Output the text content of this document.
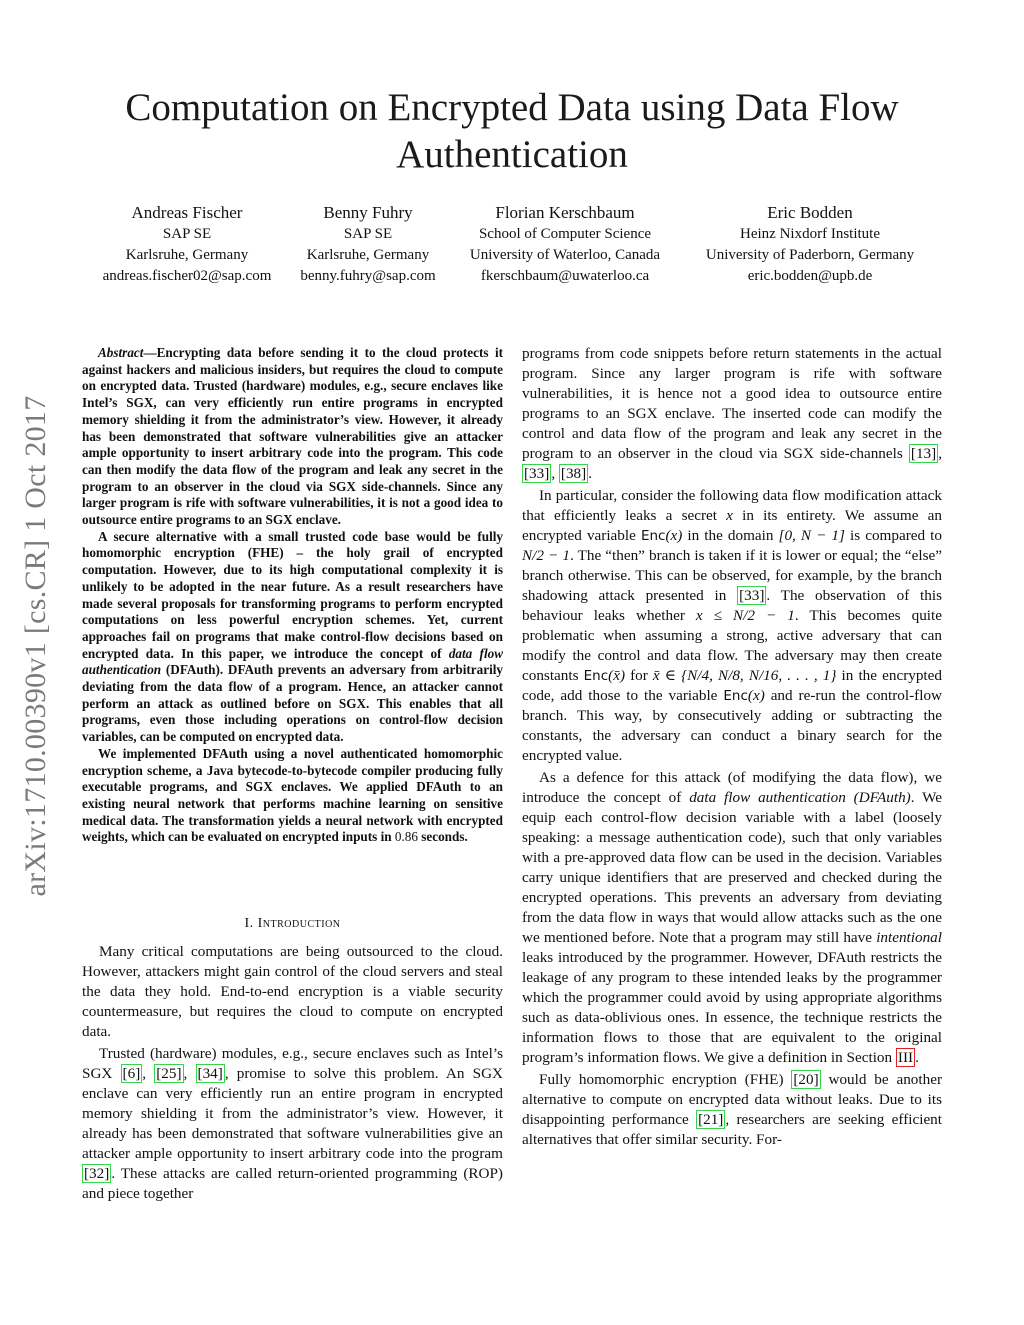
Computation on Encrypted Data using Data Flow Authentication
Andreas Fischer
SAP SE
Karlsruhe, Germany
andreas.fischer02@sap.com
Benny Fuhry
SAP SE
Karlsruhe, Germany
benny.fuhry@sap.com
Florian Kerschbaum
School of Computer Science
University of Waterloo, Canada
fkerschbaum@uwaterloo.ca
Eric Bodden
Heinz Nixdorf Institute
University of Paderborn, Germany
eric.bodden@upb.de
arXiv:1710.00390v1 [cs.CR] 1 Oct 2017

Abstract—Encrypting data before sending it to the cloud protects it against hackers and malicious insiders, but requires the cloud to compute on encrypted data. Trusted (hardware) modules, e.g., secure enclaves like Intel’s SGX, can very efficiently run entire programs in encrypted memory shielding it from the administrator’s view. However, it already has been demonstrated that software vulnerabilities give an attacker ample opportunity to insert arbitrary code into the program. This code can then modify the data flow of the program and leak any secret in the program to an observer in the cloud via SGX side-channels. Since any larger program is rife with software vulnerabilities, it is not a good idea to outsource entire programs to an SGX enclave.

A secure alternative with a small trusted code base would be fully homomorphic encryption (FHE) – the holy grail of encrypted computation. However, due to its high computational complexity it is unlikely to be adopted in the near future. As a result researchers have made several proposals for transforming programs to perform encrypted computations on less powerful encryption schemes. Yet, current approaches fail on programs that make control-flow decisions based on encrypted data. In this paper, we introduce the concept of data flow authentication (DFAuth). DFAuth prevents an adversary from arbitrarily deviating from the data flow of a program. Hence, an attacker cannot perform an attack as outlined before on SGX. This enables that all programs, even those including operations on control-flow decision variables, can be computed on encrypted data.

We implemented DFAuth using a novel authenticated homomorphic encryption scheme, a Java bytecode-to-bytecode compiler producing fully executable programs, and SGX enclaves. We applied DFAuth to an existing neural network that performs machine learning on sensitive medical data. The transformation yields a neural network with encrypted weights, which can be evaluated on encrypted inputs in 0.86 seconds.

I. Introduction

Many critical computations are being outsourced to the cloud. However, attackers might gain control of the cloud servers and steal the data they hold. End-to-end encryption is a viable security countermeasure, but requires the cloud to compute on encrypted data.

Trusted (hardware) modules, e.g., secure enclaves such as Intel’s SGX [6] , [25] , [34] , promise to solve this problem. An SGX enclave can very efficiently run an entire program in encrypted memory shielding it from the administrator’s view. However, it already has been demonstrated that software vulnerabilities give an attacker ample opportunity to insert arbitrary code into the program [32] . These attacks are called return-oriented programming (ROP) and piece together

programs from code snippets before return statements in the actual program. Since any larger program is rife with software vulnerabilities, it is hence not a good idea to outsource entire programs to an SGX enclave. The inserted code can modify the control and data flow of the program and leak any secret in the program to an observer in the cloud via SGX side-channels [13] , [33] , [38] .

In particular, consider the following data flow modification attack that efficiently leaks a secret x in its entirety. We assume an encrypted variable Enc(x) in the domain [0, N − 1] is compared to N/2 − 1. The “then” branch is taken if it is lower or equal; the “else” branch otherwise. This can be observed, for example, by the branch shadowing attack presented in [33] . The observation of this behaviour leaks whether x ≤ N/2 − 1. This becomes quite problematic when assuming a strong, active adversary that can modify the control and data flow. The adversary may then create constants Enc(x̄) for x̄ ∈ {N/4, N/8, N/16, . . . , 1} in the encrypted code, add those to the variable Enc(x) and re-run the control-flow branch. This way, by consecutively adding or subtracting the constants, the adversary can conduct a binary search for the encrypted value.

As a defence for this attack (of modifying the data flow), we introduce the concept of data flow authentication (DFAuth). We equip each control-flow decision variable with a label (loosely speaking: a message authentication code), such that only variables with a pre-approved data flow can be used in the decision. Variables carry unique identifiers that are preserved and checked during the encrypted operations. This prevents an adversary from deviating from the data flow in ways that would allow attacks such as the one we mentioned before. Note that a program may still have intentional leaks introduced by the programmer. However, DFAuth restricts the leakage of any program to these intended leaks by the programmer which the programmer could avoid by using appropriate algorithms such as data-oblivious ones. In essence, the technique restricts the information flows to those that are equivalent to the original program’s information flows. We give a definition in Section III .

Fully homomorphic encryption (FHE) [20] would be another alternative to compute on encrypted data without leaks. Due to its disappointing performance [21] , researchers are seeking efficient alternatives that offer similar security. For-
